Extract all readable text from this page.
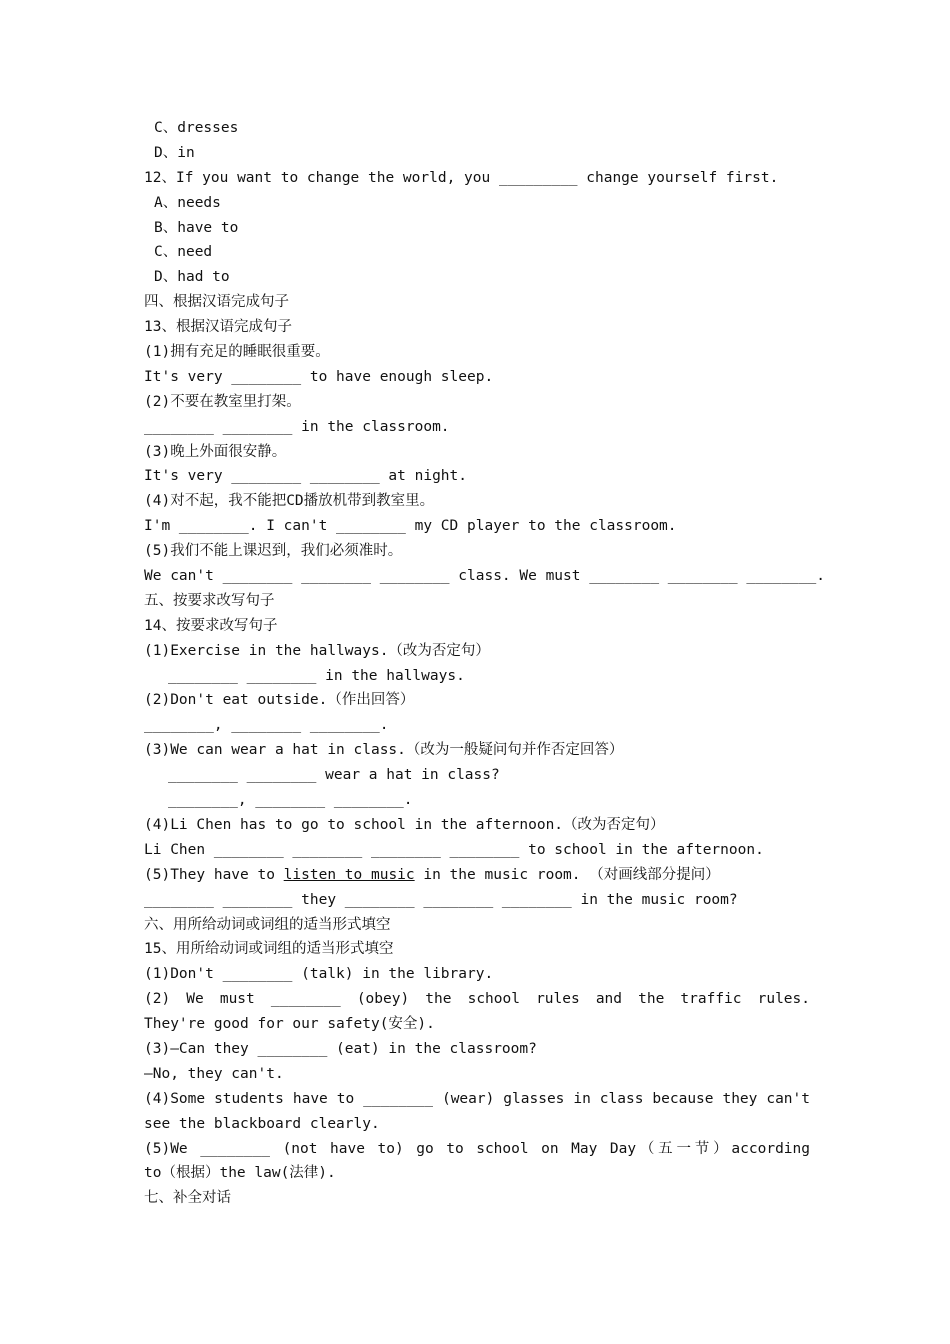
C、dresses
D、in
12、If you want to change the world, you _________ change yourself first.
A、needs
B、have to
C、need
D、had to
四、根据汉语完成句子
13、根据汉语完成句子
(1)拥有充足的睡眠很重要。
It's very ________ to have enough sleep.
(2)不要在教室里打架。
________ ________ in the classroom.
(3)晚上外面很安静。
It's very ________ ________ at night.
(4)对不起，我不能把CD播放机带到教室里。
I'm ________. I can't ________ my CD player to the classroom.
(5)我们不能上课迟到，我们必须准时。
We can't ________ ________ ________ class. We must ________ ________ ________.
五、按要求改写句子
14、按要求改写句子
(1)Exercise in the hallways.（改为否定句）
________ ________ in the hallways.
(2)Don't eat outside.（作出回答）
________, ________ ________.
(3)We can wear a hat in class.（改为一般疑问句并作否定回答）
________ ________ wear a hat in class?
________, ________ ________.
(4)Li Chen has to go to school in the afternoon.（改为否定句）
Li Chen ________ ________ ________ ________ to school in the afternoon.
(5)They have to listen to music in the music room. （对画线部分提问）
________ ________ they ________ ________ ________ in the music room?
六、用所给动词或词组的适当形式填空
15、用所给动词或词组的适当形式填空
(1)Don't ________ (talk) in the library.
(2) We must ________ (obey) the school rules and the traffic rules.
They're good for our safety(安全).
(3)—Can they ________ (eat) in the classroom?
—No, they can't.
(4)Some students have to ________ (wear) glasses in class because they can't
see the blackboard clearly.
(5)We ________ (not have to) go to school on May Day（五一节）according
to（根据）the law(法律).
七、补全对话
